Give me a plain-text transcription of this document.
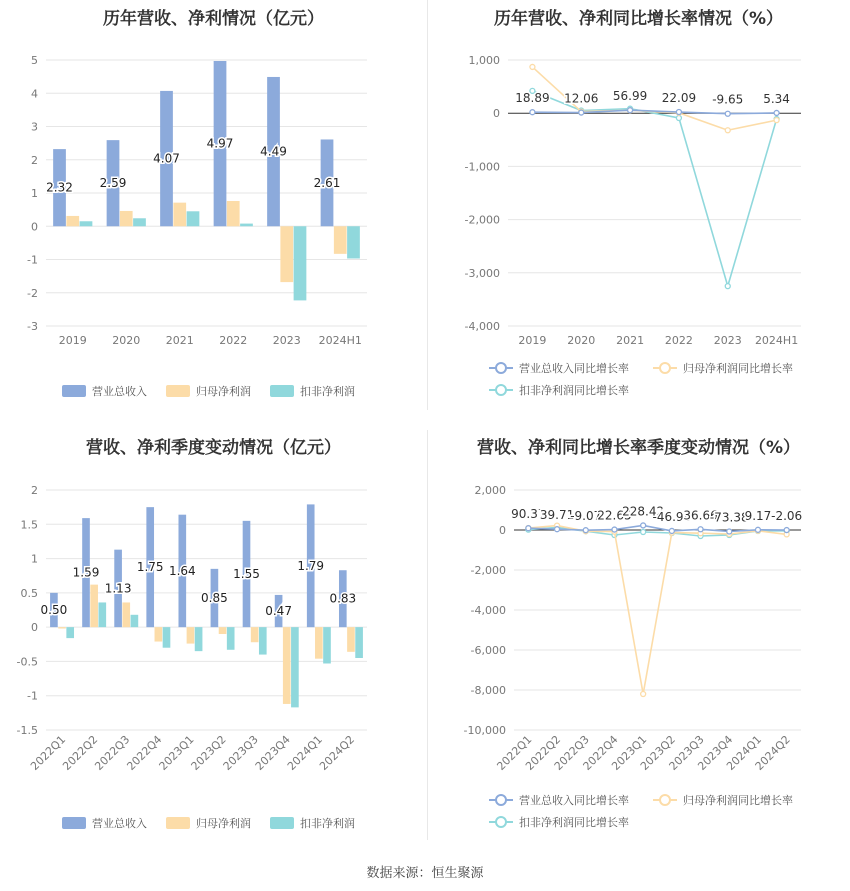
历年营收、净利情况（亿元）
5
4
3
2
1
0
-1
-2
-3
2019 2020 2021 2022 2023 2024H1
2.32 2.59
4.07
4.97
4.49
2.61
营业总收入	归母净利润	扣非净利润
历年营收、净利同比增长率情况（%）
1,000
0
-1,000
-2,000
-3,000
-4,000
2019 2020 2021 2022 2023 2024H1
18.89 12.06 56.99 22.09 -9.65 5.34
营业总收入同比增长率	归母净利润同比增长率
扣非净利润同比增长率
营收、净利季度变动情况（亿元）
2
1.5
1
0.5
0
-0.5
-1
-1.5
2022Q1
2022Q2
2022Q3
2022Q4
2023Q1
2023Q2
2023Q3
2023Q4
2024Q1
2024Q2
0.50
1.59
1.13
1.75 1.64
0.85
1.55
0.47
1.79
0.83
营业总收入	归母净利润	扣非净利润
营收、净利同比增长率季度变动情况（%）
2,000
0
-2,000
-4,000
-6,000
-8,000
-10,000
2022Q1
2022Q2
2022Q3
2022Q4
2023Q1
2023Q2
2023Q3
2023Q4
2024Q1
2024Q2
90.37
39.71
-9.07
22.65
228.42
-46.96
36.66
-73.38
9.17 -2.06
营业总收入同比增长率	归母净利润同比增长率
扣非净利润同比增长率
数据来源：恒生聚源
